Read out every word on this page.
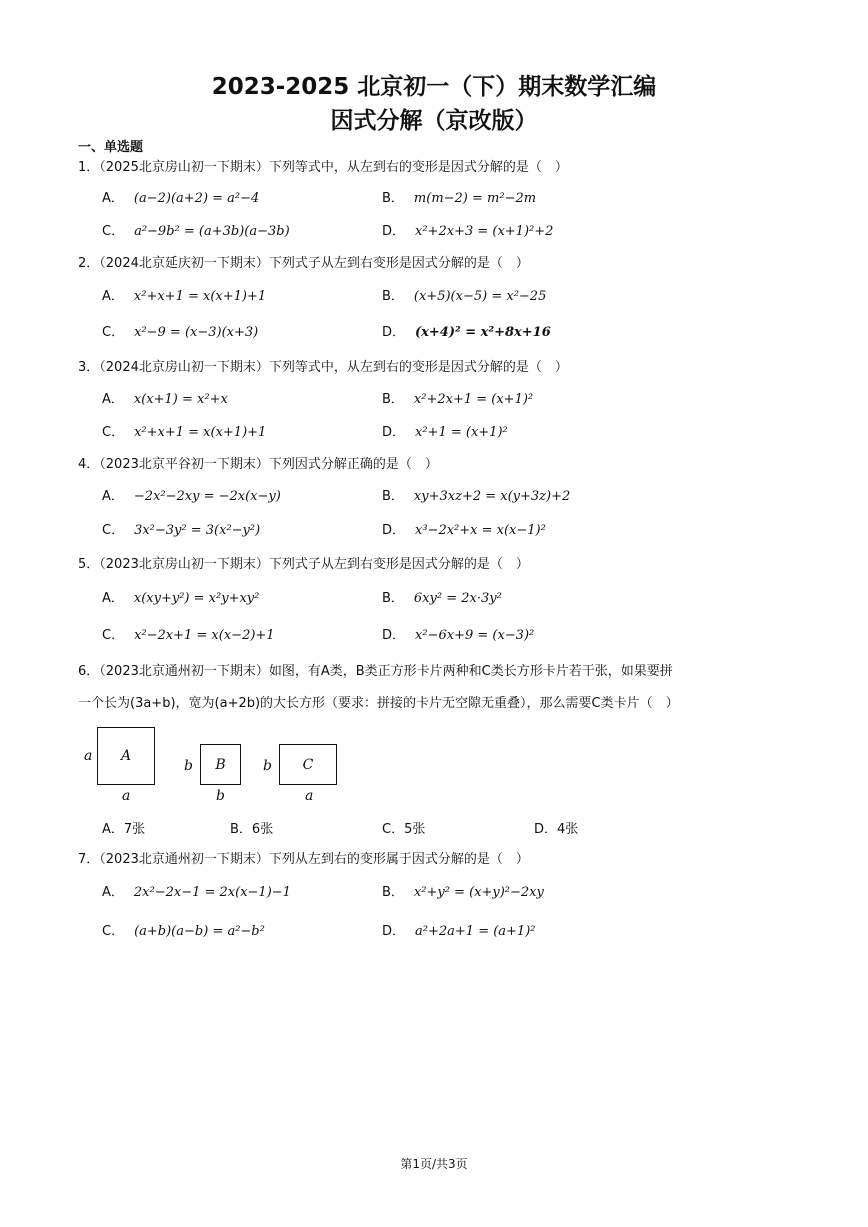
2023-2025 北京初一（下）期末数学汇编
因式分解（京改版）
一、单选题
1．（2025北京房山初一下期末）下列等式中，从左到右的变形是因式分解的是（　）
A． (a−2)(a+2) = a²−4	B． m(m−2) = m²−2m
C． a²−9b² = (a+3b)(a−3b)	D． x²+2x+3 = (x+1)²+2
2．（2024北京延庆初一下期末）下列式子从左到右变形是因式分解的是（　）
A． x²+x+1 = x(x+1)+1	B． (x+5)(x−5) = x²−25
C． x²−9 = (x−3)(x+3)	D． (x+4)² = x²+8x+16
3．（2024北京房山初一下期末）下列等式中，从左到右的变形是因式分解的是（　）
A． x(x+1) = x²+x	B． x²+2x+1 = (x+1)²
C． x²+x+1 = x(x+1)+1	D． x²+1 = (x+1)²
4．（2023北京平谷初一下期末）下列因式分解正确的是（　）
A． −2x²−2xy = −2x(x−y)	B． xy+3xz+2 = x(y+3z)+2
C． 3x²−3y² = 3(x²−y²)	D． x³−2x²+x = x(x−1)²
5．（2023北京房山初一下期末）下列式子从左到右变形是因式分解的是（　）
A． x(xy+y²) = x²y+xy²	B． 6xy² = 2x·3y²
C． x²−2x+1 = x(x−2)+1	D． x²−6x+9 = (x−3)²
6．（2023北京通州初一下期末）如图，有A类，B类正方形卡片两种和C类长方形卡片若干张，如果要拼
一个长为(3a+b)，宽为(a+2b)的大长方形（要求：拼接的卡片无空隙无重叠），那么需要C类卡片（　）
a A
a
b B
b
b C
a
A．7张	B．6张	C．5张	D．4张
7．（2023北京通州初一下期末）下列从左到右的变形属于因式分解的是（　）
A． 2x²−2x−1 = 2x(x−1)−1	B． x²+y² = (x+y)²−2xy
C． (a+b)(a−b) = a²−b²	D． a²+2a+1 = (a+1)²
第1页/共3页
